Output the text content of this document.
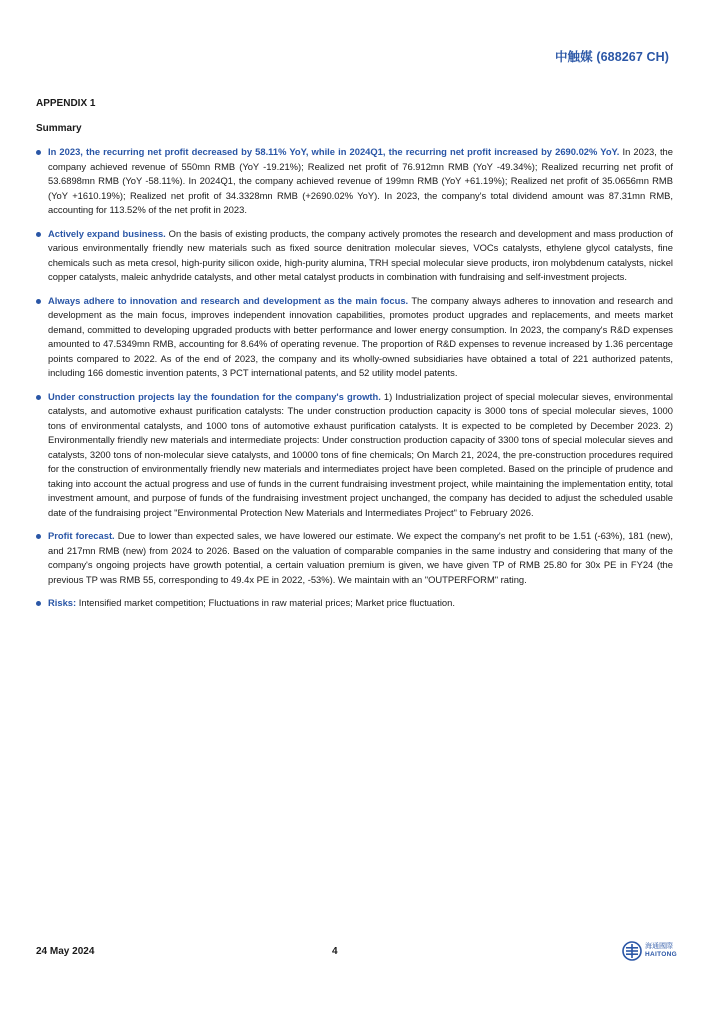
中触媒 (688267 CH)
APPENDIX 1
Summary
In 2023, the recurring net profit decreased by 58.11% YoY, while in 2024Q1, the recurring net profit increased by 2690.02% YoY. In 2023, the company achieved revenue of 550mn RMB (YoY -19.21%); Realized net profit of 76.912mn RMB (YoY -49.34%); Realized recurring net profit of 53.6898mn RMB (YoY -58.11%). In 2024Q1, the company achieved revenue of 199mn RMB (YoY +61.19%); Realized net profit of 35.0656mn RMB (YoY +1610.19%); Realized net profit of 34.3328mn RMB (+2690.02% YoY). In 2023, the company's total dividend amount was 87.31mn RMB, accounting for 113.52% of the net profit in 2023.
Actively expand business. On the basis of existing products, the company actively promotes the research and development and mass production of various environmentally friendly new materials such as fixed source denitration molecular sieves, VOCs catalysts, ethylene glycol catalysts, fine chemicals such as meta cresol, high-purity silicon oxide, high-purity alumina, TRH special molecular sieve products, iron molybdenum catalysts, nickel copper catalysts, maleic anhydride catalysts, and other metal catalyst products in combination with fundraising and self-investment projects.
Always adhere to innovation and research and development as the main focus. The company always adheres to innovation and research and development as the main focus, improves independent innovation capabilities, promotes product upgrades and replacements, and meets market demand, committed to developing upgraded products with better performance and lower energy consumption. In 2023, the company's R&D expenses amounted to 47.5349mn RMB, accounting for 8.64% of operating revenue. The proportion of R&D expenses to revenue increased by 1.36 percentage points compared to 2022. As of the end of 2023, the company and its wholly-owned subsidiaries have obtained a total of 221 authorized patents, including 166 domestic invention patents, 3 PCT international patents, and 52 utility model patents.
Under construction projects lay the foundation for the company's growth. 1) Industrialization project of special molecular sieves, environmental catalysts, and automotive exhaust purification catalysts: The under construction production capacity is 3000 tons of special molecular sieves, 1000 tons of environmental catalysts, and 1000 tons of automotive exhaust purification catalysts. It is expected to be completed by December 2023. 2) Environmentally friendly new materials and intermediate projects: Under construction production capacity of 3300 tons of special molecular sieves and catalysts, 3200 tons of non-molecular sieve catalysts, and 10000 tons of fine chemicals; On March 21, 2024, the pre-construction procedures required for the construction of environmentally friendly new materials and intermediates project have been completed. Based on the principle of prudence and taking into account the actual progress and use of funds in the current fundraising investment project, while maintaining the implementation entity, total investment amount, and purpose of funds of the fundraising investment project unchanged, the company has decided to adjust the scheduled usable date of the fundraising project "Environmental Protection New Materials and Intermediates Project" to February 2026.
Profit forecast. Due to lower than expected sales, we have lowered our estimate. We expect the company's net profit to be 1.51 (-63%), 181 (new), and 217mn RMB (new) from 2024 to 2026. Based on the valuation of comparable companies in the same industry and considering that many of the company's ongoing projects have growth potential, a certain valuation premium is given, we have given TP of RMB 25.80 for 30x PE in FY24 (the previous TP was RMB 55, corresponding to 49.4x PE in 2022, -53%). We maintain with an "OUTPERFORM" rating.
Risks: Intensified market competition; Fluctuations in raw material prices; Market price fluctuation.
24 May 2024	4	海通國際
HAITONG
